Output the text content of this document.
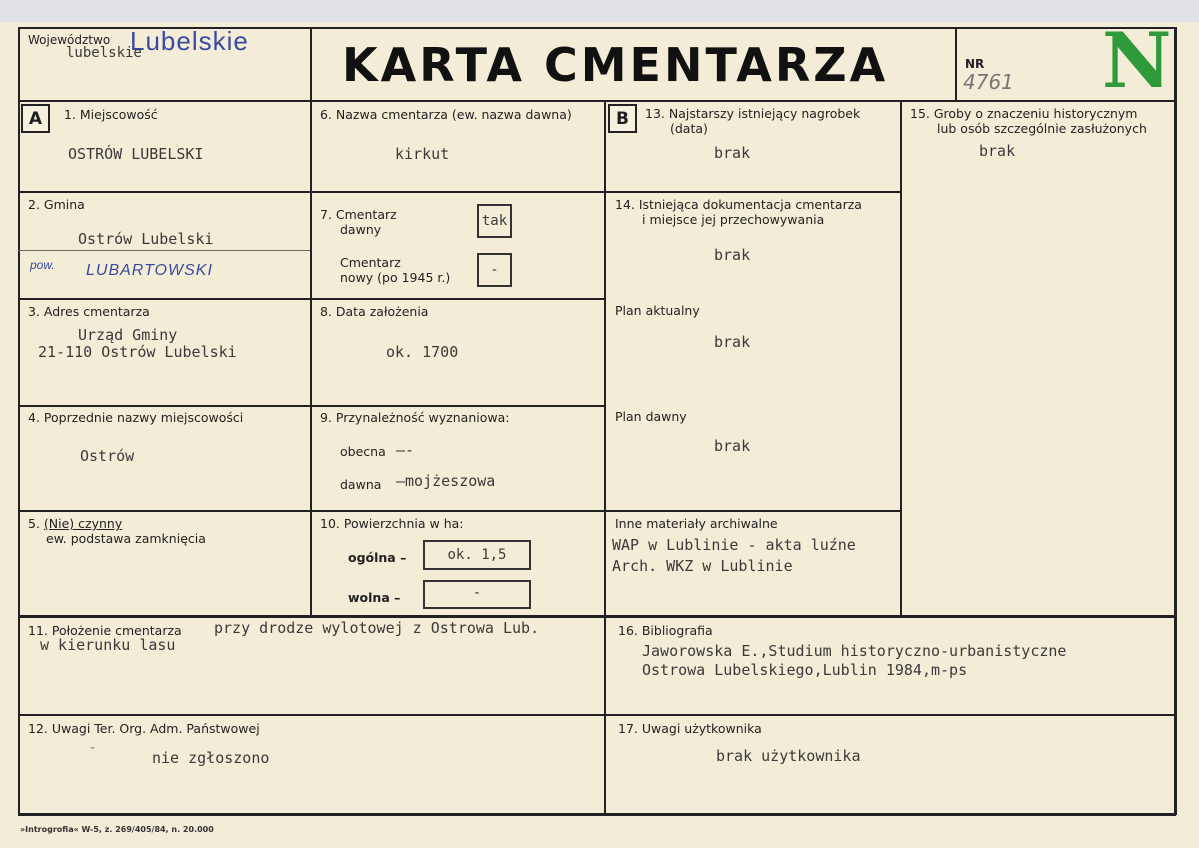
Województwo Lubelskie
lubelskie	KARTA CMENTARZA	NR
4761 N
A	B
1. Miejscowość
OSTRÓW LUBELSKI
2. Gmina
Ostrów Lubelski
pow. LUBARTOWSKI
3. Adres cmentarza
Urząd Gminy
21-110 Ostrów Lubelski
4. Poprzednie nazwy miejscowości
Ostrów
5. (Nie) czynny
ew. podstawa zamknięcia
6. Nazwa cmentarza (ew. nazwa dawna)
kirkut
7. Cmentarz
dawny
tak
Cmentarz
nowy (po 1945 r.)	-
8. Data założenia
ok. 1700
9. Przynależność wyznaniowa:
obecna –-
dawna –mojżeszowa
10. Powierzchnia w ha:
ogólna –	ok. 1,5
wolna –	-
11. Położenie cmentarza przy drodze wylotowej z Ostrowa Lub.
w kierunku lasu
12. Uwagi Ter. Org. Adm. Państwowej
-
nie zgłoszono
13. Najstarszy istniejący nagrobek
(data)
brak
14. Istniejąca dokumentacja cmentarza
i miejsce jej przechowywania
brak
Plan aktualny
brak
Plan dawny
brak
Inne materiały archiwalne
WAP w Lublinie - akta luźne
Arch. WKZ w Lublinie
15. Groby o znaczeniu historycznym
lub osób szczególnie zasłużonych
brak
16. Bibliografia
Jaworowska E.,Studium historyczno-urbanistyczne
Ostrowa Lubelskiego,Lublin 1984,m-ps
17. Uwagi użytkownika
brak użytkownika
»Introgrofia« W-5, z. 269/405/84, n. 20.000
